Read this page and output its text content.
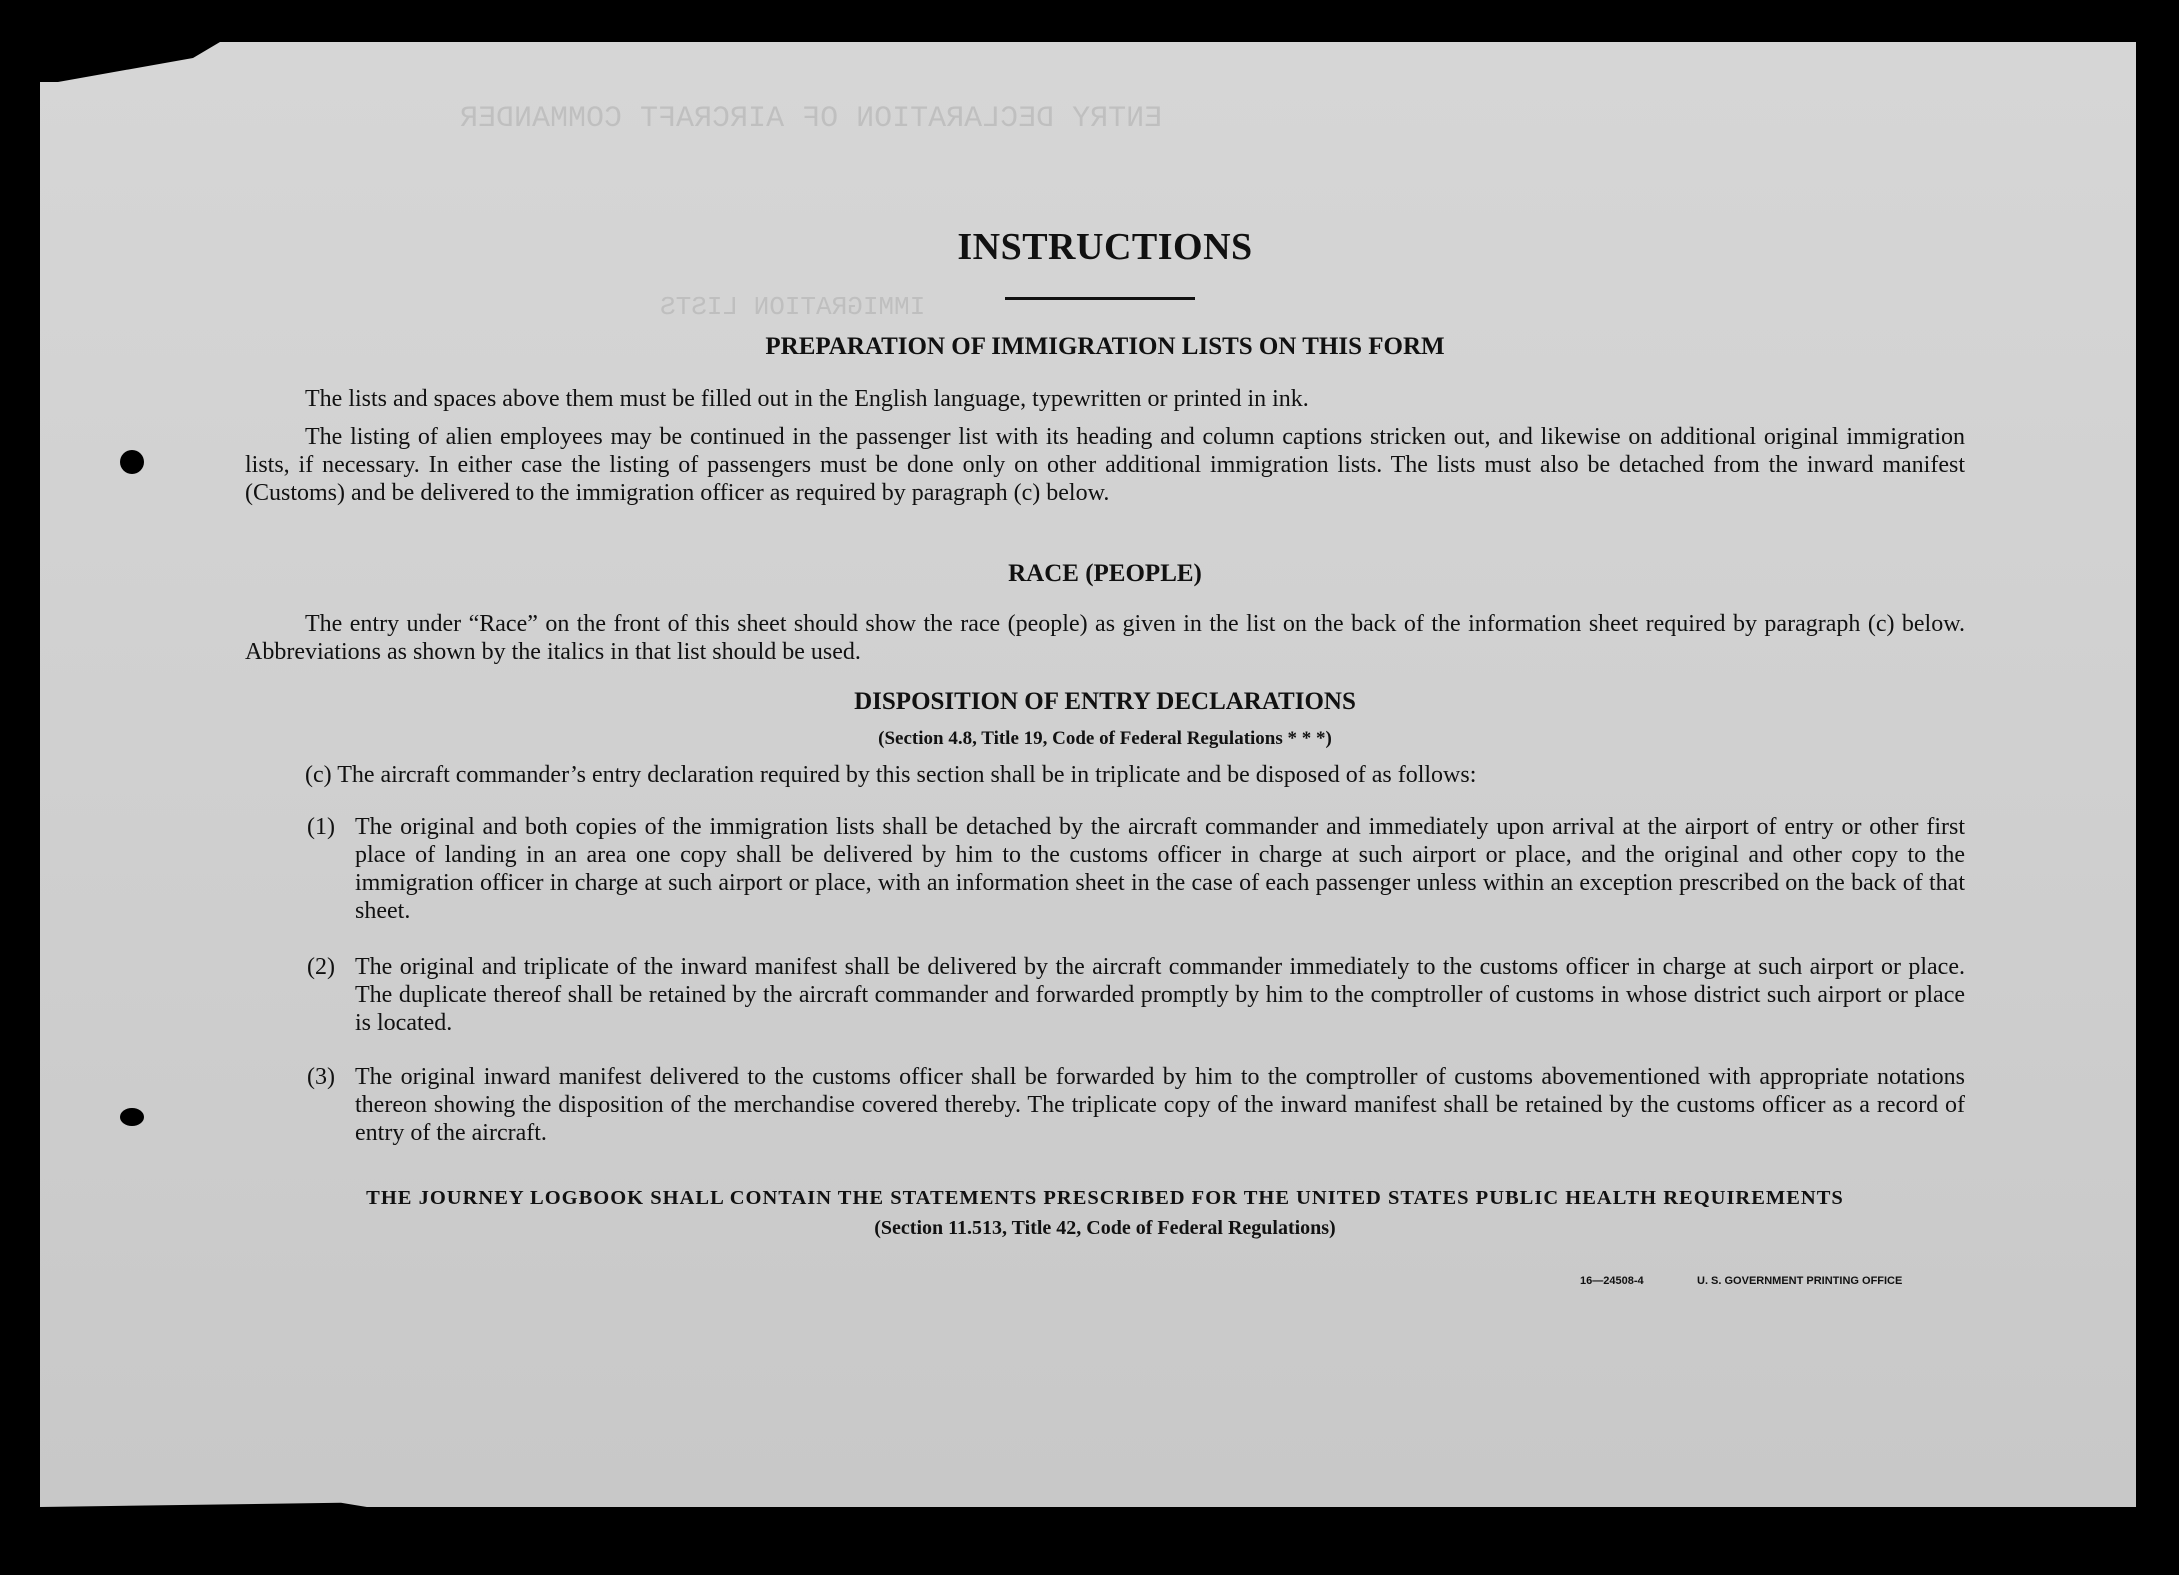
ENTRY DECLARATION OF AIRCRAFT COMMANDER
IMMIGRATION LISTS
INSTRUCTIONS
PREPARATION OF IMMIGRATION LISTS ON THIS FORM
The lists and spaces above them must be filled out in the English language, typewritten or printed in ink.
The listing of alien employees may be continued in the passenger list with its heading and column captions stricken out, and likewise on additional original immigration lists, if necessary. In either case the listing of passengers must be done only on other additional immigration lists. The lists must also be detached from the inward manifest (Customs) and be delivered to the immigration officer as required by paragraph (c) below.
RACE (PEOPLE)
The entry under “Race” on the front of this sheet should show the race (people) as given in the list on the back of the information sheet required by paragraph (c) below. Abbreviations as shown by the italics in that list should be used.
DISPOSITION OF ENTRY DECLARATIONS
(Section 4.8, Title 19, Code of Federal Regulations * * *)
(c) The aircraft commander’s entry declaration required by this section shall be in triplicate and be disposed of as follows:
(1) The original and both copies of the immigration lists shall be detached by the aircraft commander and immediately upon arrival at the airport of entry or other first place of landing in an area one copy shall be delivered by him to the customs officer in charge at such airport or place, and the original and other copy to the immigration officer in charge at such airport or place, with an information sheet in the case of each passenger unless within an exception prescribed on the back of that sheet.
(2) The original and triplicate of the inward manifest shall be delivered by the aircraft commander immediately to the customs officer in charge at such airport or place. The duplicate thereof shall be retained by the aircraft commander and forwarded promptly by him to the comptroller of customs in whose district such airport or place is located.
(3) The original inward manifest delivered to the customs officer shall be forwarded by him to the comptroller of customs abovementioned with appropriate notations thereon showing the disposition of the merchandise covered thereby. The triplicate copy of the inward manifest shall be retained by the customs officer as a record of entry of the aircraft.
THE JOURNEY LOGBOOK SHALL CONTAIN THE STATEMENTS PRESCRIBED FOR THE UNITED STATES PUBLIC HEALTH REQUIREMENTS
(Section 11.513, Title 42, Code of Federal Regulations)
16—24508-4	U. S. GOVERNMENT PRINTING OFFICE
